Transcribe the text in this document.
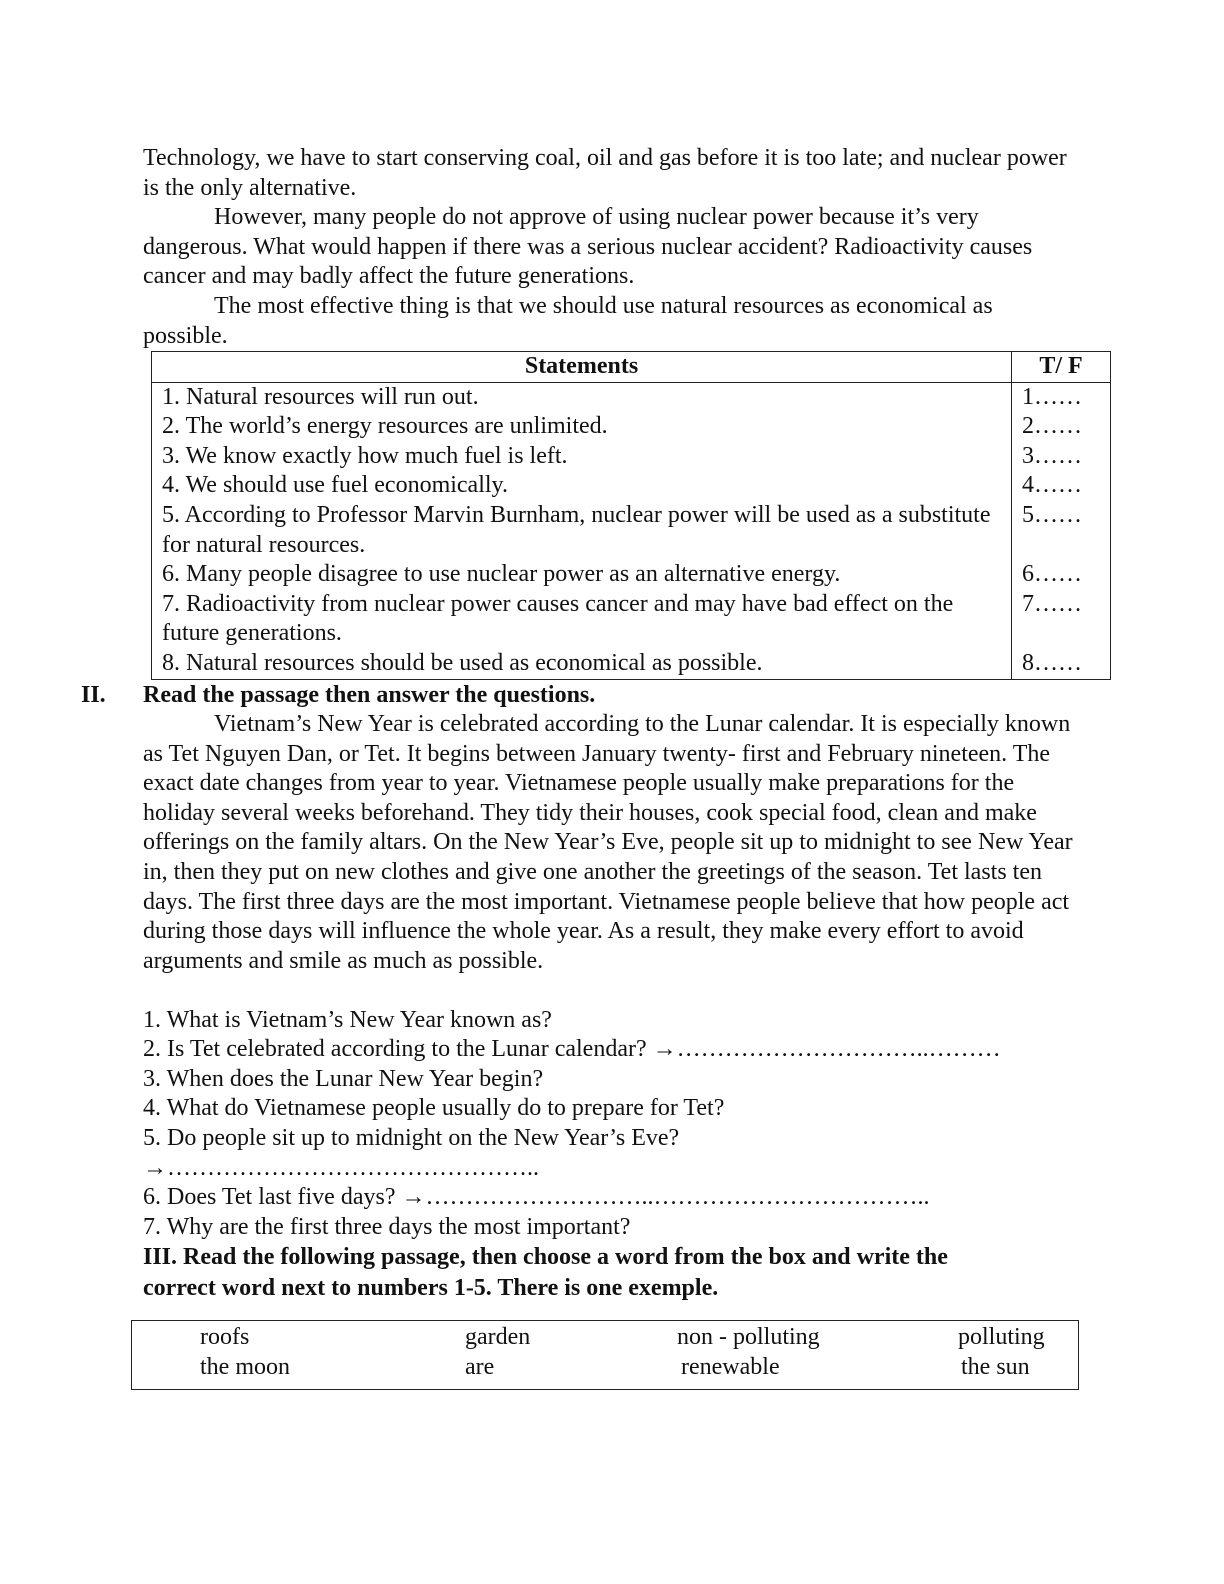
Technology, we have to start conserving coal, oil and gas before it is too late; and nuclear power is the only alternative.

However, many people do not approve of using nuclear power because it’s very dangerous. What would happen if there was a serious nuclear accident? Radioactivity causes cancer and may badly affect the future generations.

The most effective thing is that we should use natural resources as economical as possible.

Statements	T/ F
1. Natural resources will run out.	1……
2. The world’s energy resources are unlimited.	2……
3. We know exactly how much fuel is left.	3……
4. We should use fuel economically.	4……
5. According to Professor Marvin Burnham, nuclear power will be used as a substitute for natural resources.	5……
6. Many people disagree to use nuclear power as an alternative energy.	6……
7. Radioactivity from nuclear power causes cancer and may have bad effect on the future generations.	7……
8. Natural resources should be used as economical as possible.	8……
II. Read the passage then answer the questions.

Vietnam’s New Year is celebrated according to the Lunar calendar. It is especially known as Tet Nguyen Dan, or Tet. It begins between January twenty- first and February nineteen. The exact date changes from year to year. Vietnamese people usually make preparations for the holiday several weeks beforehand. They tidy their houses, cook special food, clean and make offerings on the family altars. On the New Year’s Eve, people sit up to midnight to see New Year in, then they put on new clothes and give one another the greetings of the season. Tet lasts ten days. The first three days are the most important. Vietnamese people believe that how people act during those days will influence the whole year. As a result, they make every effort to avoid arguments and smile as much as possible.

1. What is Vietnam’s New Year known as?
2. Is Tet celebrated according to the Lunar calendar? →…………………………..………
3. When does the Lunar New Year begin?
4. What do Vietnamese people usually do to prepare for Tet?
5. Do people sit up to midnight on the New Year’s Eve?
→………………………………………..
6. Does Tet last five days? →………………………..……………………………..
7. Why are the first three days the most important?
III. Read the following passage, then choose a word from the box and write the
correct word next to numbers 1-5. There is one exemple.
roofs	garden	non - polluting	polluting
the moon	are	renewable	the sun
